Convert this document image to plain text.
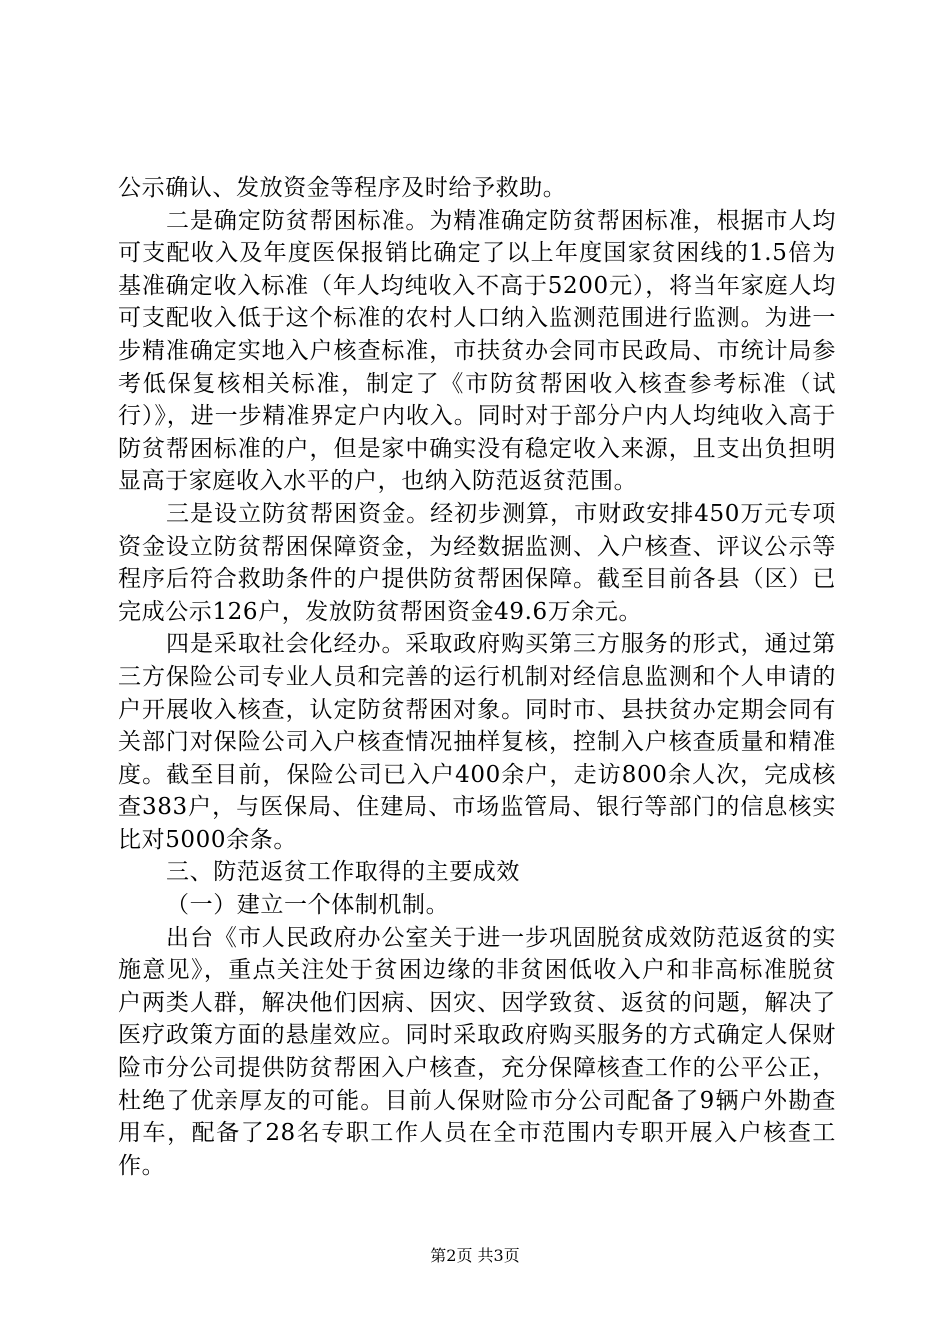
公示确认、发放资金等程序及时给予救助。

二是确定防贫帮困标准。为精准确定防贫帮困标准，根据市人均可支配收入及年度医保报销比确定了以上年度国家贫困线的1.5倍为基准确定收入标准（年人均纯收入不高于5200元），将当年家庭人均可支配收入低于这个标准的农村人口纳入监测范围进行监测。为进一步精准确定实地入户核查标准，市扶贫办会同市民政局、市统计局参考低保复核相关标准，制定了《市防贫帮困收入核查参考标准（试行）》，进一步精准界定户内收入。同时对于部分户内人均纯收入高于防贫帮困标准的户，但是家中确实没有稳定收入来源，且支出负担明显高于家庭收入水平的户，也纳入防范返贫范围。

三是设立防贫帮困资金。经初步测算，市财政安排450万元专项资金设立防贫帮困保障资金，为经数据监测、入户核查、评议公示等程序后符合救助条件的户提供防贫帮困保障。截至目前各县（区）已完成公示126户，发放防贫帮困资金49.6万余元。

四是采取社会化经办。采取政府购买第三方服务的形式，通过第三方保险公司专业人员和完善的运行机制对经信息监测和个人申请的户开展收入核查，认定防贫帮困对象。同时市、县扶贫办定期会同有关部门对保险公司入户核查情况抽样复核，控制入户核查质量和精准度。截至目前，保险公司已入户400余户，走访800余人次，完成核查383户，与医保局、住建局、市场监管局、银行等部门的信息核实比对5000余条。

三、防范返贫工作取得的主要成效

（一）建立一个体制机制。

出台《市人民政府办公室关于进一步巩固脱贫成效防范返贫的实施意见》，重点关注处于贫困边缘的非贫困低收入户和非高标准脱贫户两类人群，解决他们因病、因灾、因学致贫、返贫的问题，解决了医疗政策方面的悬崖效应。同时采取政府购买服务的方式确定人保财险市分公司提供防贫帮困入户核查，充分保障核查工作的公平公正，杜绝了优亲厚友的可能。目前人保财险市分公司配备了9辆户外勘查用车，配备了28名专职工作人员在全市范围内专职开展入户核查工作。

第2页 共3页
